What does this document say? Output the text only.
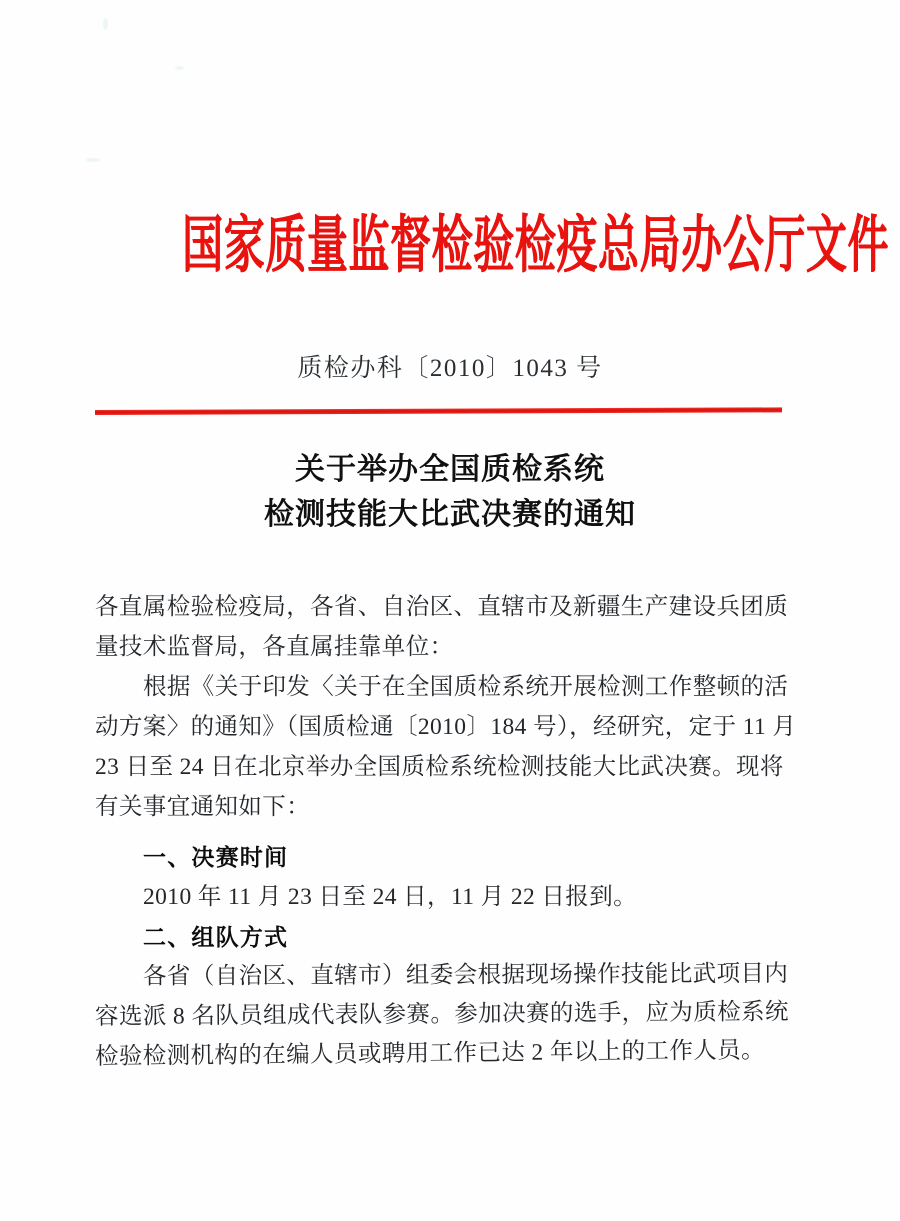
国家质量监督检验检疫总局办公厅文件
质检办科〔2010〕1043 号
关于举办全国质检系统
检测技能大比武决赛的通知
各直属检验检疫局，各省、自治区、直辖市及新疆生产建设兵团质
量技术监督局，各直属挂靠单位：
根据《关于印发〈关于在全国质检系统开展检测工作整顿的活
动方案〉的通知》（国质检通〔2010〕184 号），经研究，定于 11 月
23 日至 24 日在北京举办全国质检系统检测技能大比武决赛。现将
有关事宜通知如下：
一、决赛时间
2010 年 11 月 23 日至 24 日，11 月 22 日报到。
二、组队方式
各省（自治区、直辖市）组委会根据现场操作技能比武项目内
容选派 8 名队员组成代表队参赛。参加决赛的选手，应为质检系统
检验检测机构的在编人员或聘用工作已达 2 年以上的工作人员。
